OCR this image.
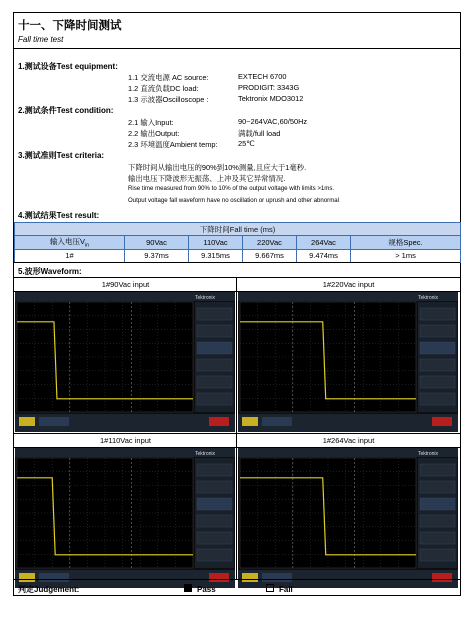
十一、下降时间测试
Fall time test
1.测试设备Test equipment:
1.1 交流电源 AC source:	EXTECH 6700
1.2 直流负载DC load:	PRODIGIT: 3343G
1.3 示波器Oscilloscope :	Tektronix MDO3012
2.测试条件Test condition:
2.1 输入Input:	90~264VAC,60/50Hz
2.2 输出Output:	满载/full load
2.3 环境温度Ambient temp:	25℃
3.测试准则Test criteria:
下降时间从输出电压的90%到10%测量,且应大于1毫秒.
输出电压下降波形无振荡、上冲及其它异常情况.
Rise time measured from 90% to 10% of the output voltage with limits >1ms.
Output voltage fall waveform have no oscillation or uprush and other abnormal
4.测试结果Test result:
下降时间Fall time (ms)					
输入电压$V_{in}$	90Vac	110Vac	220Vac	264Vac	规格Spec.
1#	9.37ms	9.315ms	9.667ms	9.474ms	> 1ms
5.波形Waveform:
1#90Vac input	1#220Vac input
Tektronix	Tektronix
1#110Vac input	1#264Vac input
Tektronix	Tektronix
判定Judgement:	Pass	Fail
